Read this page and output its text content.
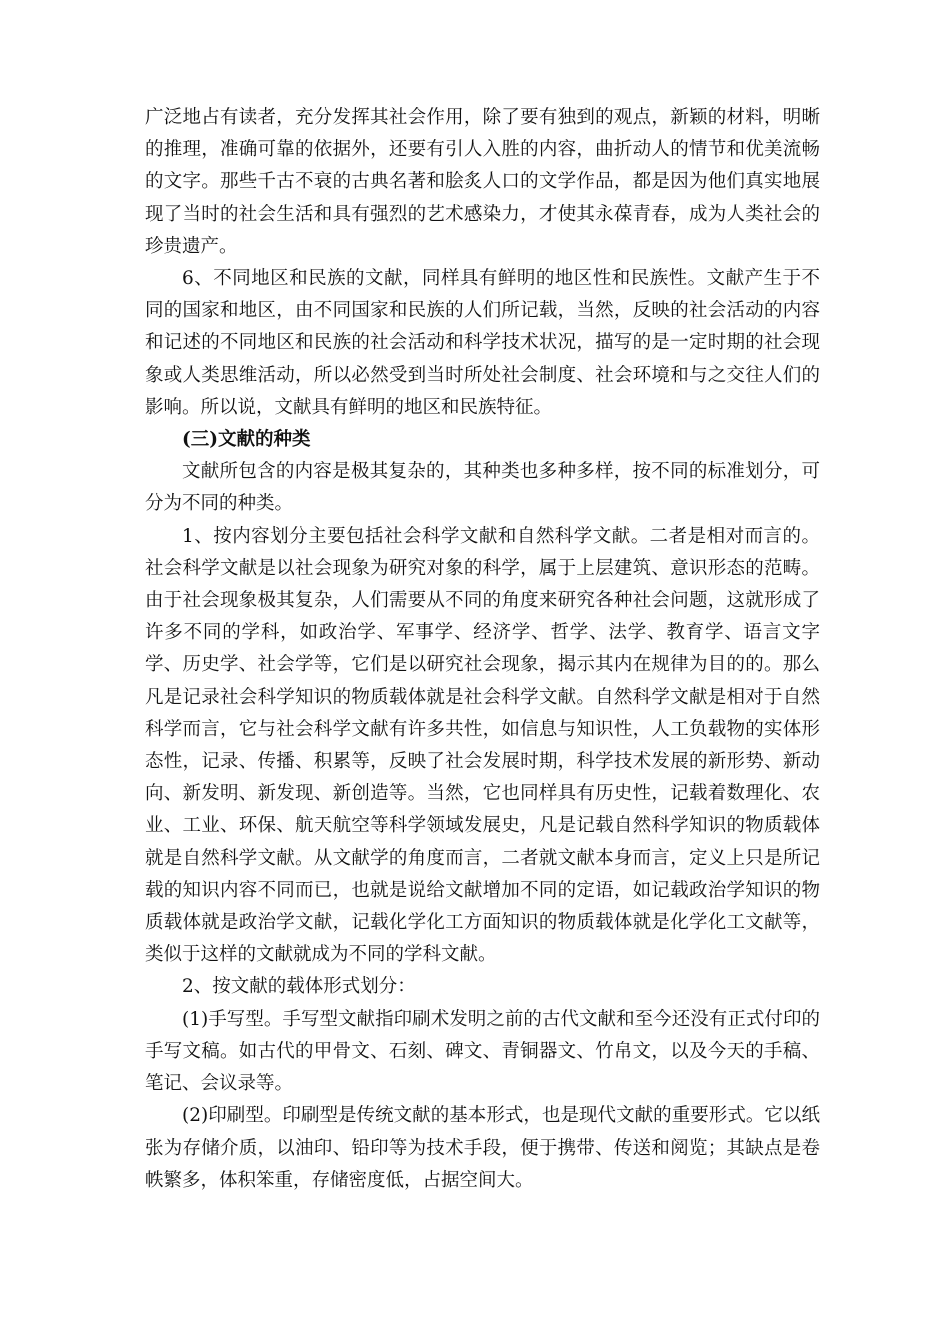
广泛地占有读者，充分发挥其社会作用，除了要有独到的观点，新颖的材料，明晰的推理，准确可靠的依据外，还要有引人入胜的内容，曲折动人的情节和优美流畅的文字。那些千古不衰的古典名著和脍炙人口的文学作品，都是因为他们真实地展现了当时的社会生活和具有强烈的艺术感染力，才使其永葆青春，成为人类社会的珍贵遗产。

6、不同地区和民族的文献，同样具有鲜明的地区性和民族性。文献产生于不同的国家和地区，由不同国家和民族的人们所记载，当然，反映的社会活动的内容和记述的不同地区和民族的社会活动和科学技术状况，描写的是一定时期的社会现象或人类思维活动，所以必然受到当时所处社会制度、社会环境和与之交往人们的影响。所以说，文献具有鲜明的地区和民族特征。

(三)文献的种类

文献所包含的内容是极其复杂的，其种类也多种多样，按不同的标准划分，可分为不同的种类。

1、按内容划分主要包括社会科学文献和自然科学文献。二者是相对而言的。社会科学文献是以社会现象为研究对象的科学，属于上层建筑、意识形态的范畴。由于社会现象极其复杂，人们需要从不同的角度来研究各种社会问题，这就形成了许多不同的学科，如政治学、军事学、经济学、哲学、法学、教育学、语言文字学、历史学、社会学等，它们是以研究社会现象，揭示其内在规律为目的的。那么凡是记录社会科学知识的物质载体就是社会科学文献。自然科学文献是相对于自然科学而言，它与社会科学文献有许多共性，如信息与知识性，人工负载物的实体形态性，记录、传播、积累等，反映了社会发展时期，科学技术发展的新形势、新动向、新发明、新发现、新创造等。当然，它也同样具有历史性，记载着数理化、农业、工业、环保、航天航空等科学领域发展史，凡是记载自然科学知识的物质载体就是自然科学文献。从文献学的角度而言，二者就文献本身而言，定义上只是所记载的知识内容不同而已，也就是说给文献增加不同的定语，如记载政治学知识的物质载体就是政治学文献，记载化学化工方面知识的物质载体就是化学化工文献等，类似于这样的文献就成为不同的学科文献。

2、按文献的载体形式划分：

(1)手写型。手写型文献指印刷术发明之前的古代文献和至今还没有正式付印的手写文稿。如古代的甲骨文、石刻、碑文、青铜器文、竹帛文，以及今天的手稿、笔记、会议录等。

(2)印刷型。印刷型是传统文献的基本形式，也是现代文献的重要形式。它以纸张为存储介质，以油印、铅印等为技术手段，便于携带、传送和阅览；其缺点是卷帙繁多，体积笨重，存储密度低，占据空间大。
